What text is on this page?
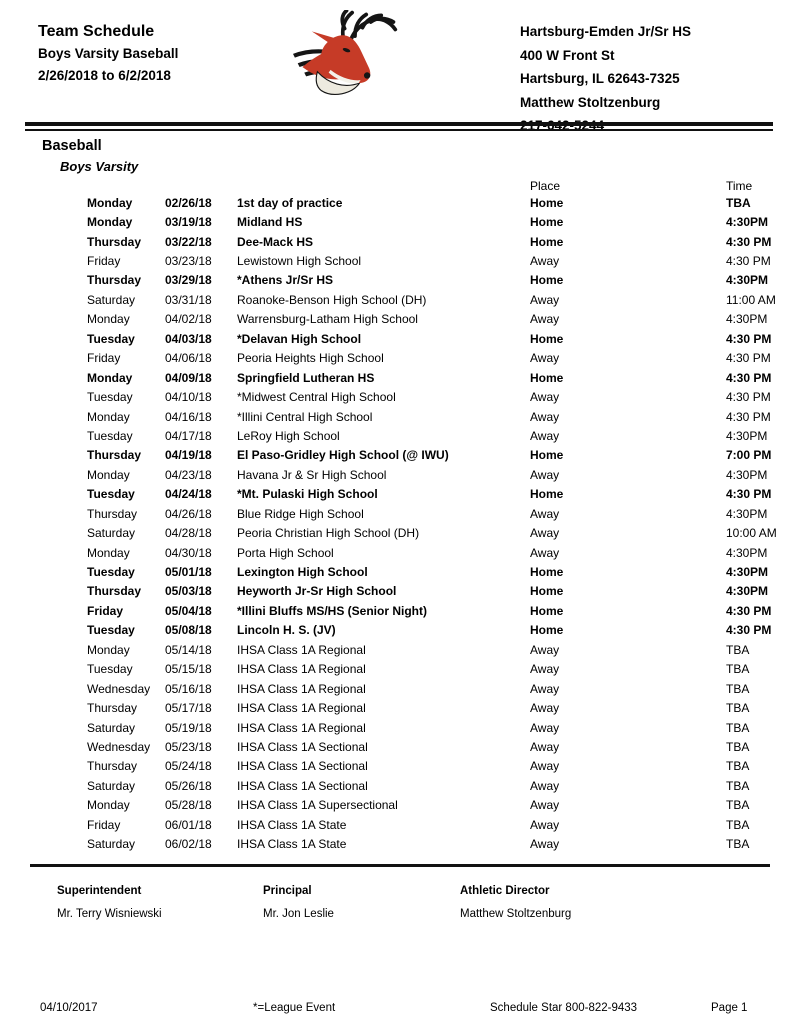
Team Schedule
Boys Varsity Baseball
2/26/2018 to 6/2/2018
Hartsburg-Emden Jr/Sr HS
400 W Front St
Hartsburg, IL 62643-7325
Matthew Stoltzenburg
Baseball
Boys Varsity
Place	Time
Monday	02/26/18	1st day of practice	Home	TBA
Monday	03/19/18	Midland HS	Home	4:30PM
Thursday	03/22/18	Dee-Mack HS	Home	4:30 PM
Friday	03/23/18	Lewistown High School	Away	4:30 PM
Thursday	03/29/18	*Athens Jr/Sr HS	Home	4:30PM
Saturday	03/31/18	Roanoke-Benson High School (DH)	Away	11:00 AM
Monday	04/02/18	Warrensburg-Latham High School	Away	4:30PM
Tuesday	04/03/18	*Delavan High School	Home	4:30 PM
Friday	04/06/18	Peoria Heights High School	Away	4:30 PM
Monday	04/09/18	Springfield Lutheran HS	Home	4:30 PM
Tuesday	04/10/18	*Midwest Central High School	Away	4:30 PM
Monday	04/16/18	*Illini Central High School	Away	4:30 PM
Tuesday	04/17/18	LeRoy High School	Away	4:30PM
Thursday	04/19/18	El Paso-Gridley High School (@ IWU)	Home	7:00 PM
Monday	04/23/18	Havana Jr & Sr High School	Away	4:30PM
Tuesday	04/24/18	*Mt. Pulaski High School	Home	4:30 PM
Thursday	04/26/18	Blue Ridge High School	Away	4:30PM
Saturday	04/28/18	Peoria Christian High School (DH)	Away	10:00 AM
Monday	04/30/18	Porta High School	Away	4:30PM
Tuesday	05/01/18	Lexington High School	Home	4:30PM
Thursday	05/03/18	Heyworth Jr-Sr High School	Home	4:30PM
Friday	05/04/18	*Illini Bluffs MS/HS (Senior Night)	Home	4:30 PM
Tuesday	05/08/18	Lincoln H. S. (JV)	Home	4:30 PM
Monday	05/14/18	IHSA Class 1A Regional	Away	TBA
Tuesday	05/15/18	IHSA Class 1A Regional	Away	TBA
Wednesday	05/16/18	IHSA Class 1A Regional	Away	TBA
Thursday	05/17/18	IHSA Class 1A Regional	Away	TBA
Saturday	05/19/18	IHSA Class 1A Regional	Away	TBA
Wednesday	05/23/18	IHSA Class 1A Sectional	Away	TBA
Thursday	05/24/18	IHSA Class 1A Sectional	Away	TBA
Saturday	05/26/18	IHSA Class 1A Sectional	Away	TBA
Monday	05/28/18	IHSA Class 1A Supersectional	Away	TBA
Friday	06/01/18	IHSA Class 1A State	Away	TBA
Saturday	06/02/18	IHSA Class 1A State	Away	TBA
Superintendent
Mr. Terry Wisniewski
Principal
Mr. Jon Leslie
Athletic Director
Matthew Stoltzenburg
04/10/2017	*=League Event	Schedule Star 800-822-9433	Page 1
